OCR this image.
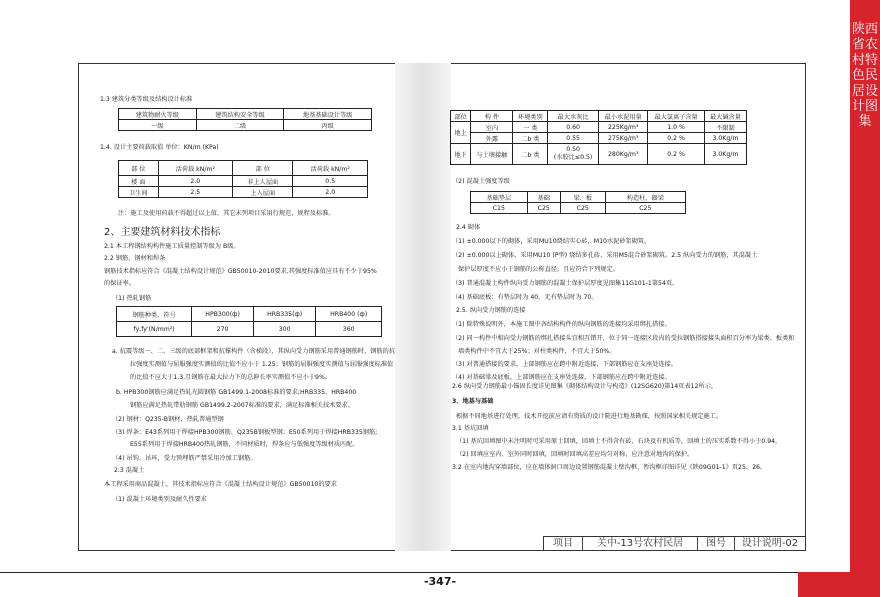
陕西省农村特色民居设计图集
1.3 建筑分类等级及结构设计标准
建筑物耐火等级	建筑结构安全等级	地基基础设计等级
一级	二级	丙级
1.4. 设计主要荷载取值 单位：KN/m (KPa)
部 位	活荷载 kN/m²	部 位	活荷载 kN/m²
楼 面	2.0	非上人屋面	0.5
卫生间	2.5	上人屋面	2.0
注：施工及使用荷载不得超过以上值，其它未列项目采用行规范、规程及标准。
2、主要建筑材料技术指标
2.1 本工程钢结构构件施工质量控制等级为 B级。
2.2 钢筋、钢材和焊条
钢筋技术指标应符合《混凝土结构设计规范》GB50010-2010要求,其强度标准值应具有不少于95%
的保证率。
（1) 热轧钢筋
钢筋种类、符号	HPB300(ф)	HRB335(ф)	HRB400 (ф)
fy,fy'(N/mm²)	270	300	360
a. 抗震等级一、二、三级的底部框架和抗撑构件（含梯段），其纵向受力钢筋采用普通钢筋时，钢筋的抗
拉强度实测值与屈服强度实测值的比值不应小于 1.25；钢筋的屈服强度实测值与屈服强度标准值
的比值不应大于1.3,且钢筋在最大拉力下的总伸长率实测值不应小于9%。
b. HPB300钢筋应满足热轧光圆钢筋 GB1499.1-2008标准的要求;HRB335、HRB400
钢筋应满足热轧带肋钢筋 GB1499.2-2007标准的要求，满足标准相关技术要求。
（2) 钢材：Q235-B钢材，热轧普通型钢
（3) 焊条：E43系列用于焊接HPB300钢筋、Q235B钢板型钢；E50系列用于焊接HRB335钢筋;
E55系列用于焊接HRB400热轧钢筋，不同材质时，焊条应与低强度等级材质匹配。
（4) 吊钩、吊环，受力预埋筋严禁采用冷加工钢筋。
2.3 混凝土
本工程采用商品混凝土，其技术指标应符合《混凝土结构设计规范》GB50010的要求
（1) 混凝土环境类别及耐久性要求
部位	构 件	环境类别	最大水灰比	最小水泥用量	最大氯离子含量	最大碱含量
地上	室内	一 类	0.60	225Kg/m³	1.0 %	不限制
	外露	二b 类	0.55	275Kg/m³	0.2 %	3.0Kg/m
地下	与土壤接触	二b 类	0.50
(水胶比≤0.5)	280Kg/m³	0.2 %	3.0Kg/m
（2) 混凝土强度等级
基础垫层	基础	梁、板	构造柱、圈梁
C15	C25	C25	C25
2.4 砌体
（1) ±0.000以下的砌体，采用MU10烧结实心砖，M10水泥砂浆砌筑。
（2) ±0.000以上砌体，采用MU10 (P型) 烧结多孔砖，采用M5混合砂浆砌筑。2.5 纵向受力的钢筋，其混凝土
保护层厚度不应小于钢筋的公称直径，且应符合下列规定。
（3) 普通混凝土构件纵向受力钢筋的混凝土保护层厚度见图集11G101-1第54页。
（4) 基础底板：有垫层时为 40，无有垫层时为 70。
2.5. 纵向受力钢筋的连接
（1) 除特殊说明外，本施工图中各结构构件的纵向钢筋的连接均采用绑扎搭接。
（2) 同一构件中相向受力钢筋的绑扎搭接头宜相互错开，位于同一连接区段内的受拉钢筋搭接接头面积百分率为梁类、板类和
墙类构件中不宜大于25%；对柱类构件，不宜大于50%。
（3) 对普通搭接的要求，上部钢筋应在跨中附近连接，下部钢筋应在支座处连接。
（4) 对基础梁及底板，上部钢筋应在支座处连接，下部钢筋应在跨中附近连接。
2.6 纵向受力钢筋最小锚固长度详见图集《砌体结构设计与构造》(12SG620)第14页表12所示。
3、地基与基础
根据不同地基进行处理，技术开挖前应请有资质的设计院进行地基勘探，按照国家相关规定施工。
3.1 基坑回填
（1) 基坑回填图中未注明时可采用原土回填，回填土不得含有砖、石块及有机质等，回填土的压实系数不得小于0.94。
（2) 回填应室内、室外同时回填，回填时回填高差应均匀对称，应注意对地沟的保护。
3.2 在室内地沟穿墙部位，应在墙体洞口周边设置钢筋混凝土壁沟框，暂沟框详图详见《陕09G01-1》页25、26。
项目	关中-13号农村民居	图号	设计说明-02
-347-
